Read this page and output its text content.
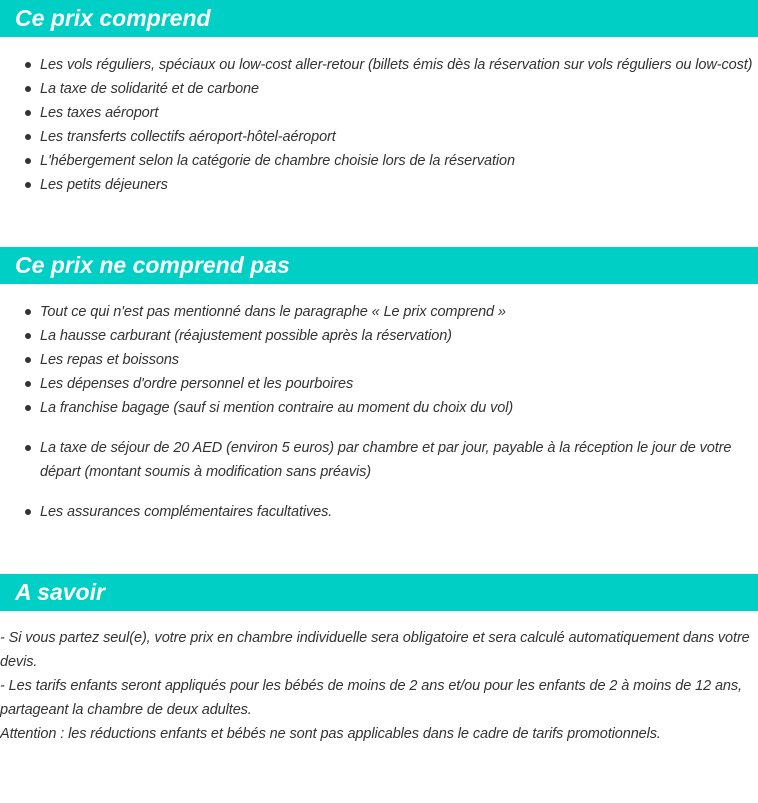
Ce prix comprend
Les vols réguliers, spéciaux ou low-cost aller-retour (billets émis dès la réservation sur vols réguliers ou low-cost)
La taxe de solidarité et de carbone
Les taxes aéroport
Les transferts collectifs aéroport-hôtel-aéroport
L'hébergement selon la catégorie de chambre choisie lors de la réservation
Les petits déjeuners
Ce prix ne comprend pas
Tout ce qui n'est pas mentionné dans le paragraphe « Le prix comprend »
La hausse carburant (réajustement possible après la réservation)
Les repas et boissons
Les dépenses d'ordre personnel et les pourboires
La franchise bagage (sauf si mention contraire au moment du choix du vol)
La taxe de séjour de 20 AED (environ 5 euros) par chambre et par jour, payable à la réception le jour de votre départ (montant soumis à modification sans préavis)
Les assurances complémentaires facultatives.
A savoir

- Si vous partez seul(e), votre prix en chambre individuelle sera obligatoire et sera calculé automatiquement dans votre devis.

- Les tarifs enfants seront appliqués pour les bébés de moins de 2 ans et/ou pour les enfants de 2 à moins de 12 ans, partageant la chambre de deux adultes.

Attention : les réductions enfants et bébés ne sont pas applicables dans le cadre de tarifs promotionnels.
